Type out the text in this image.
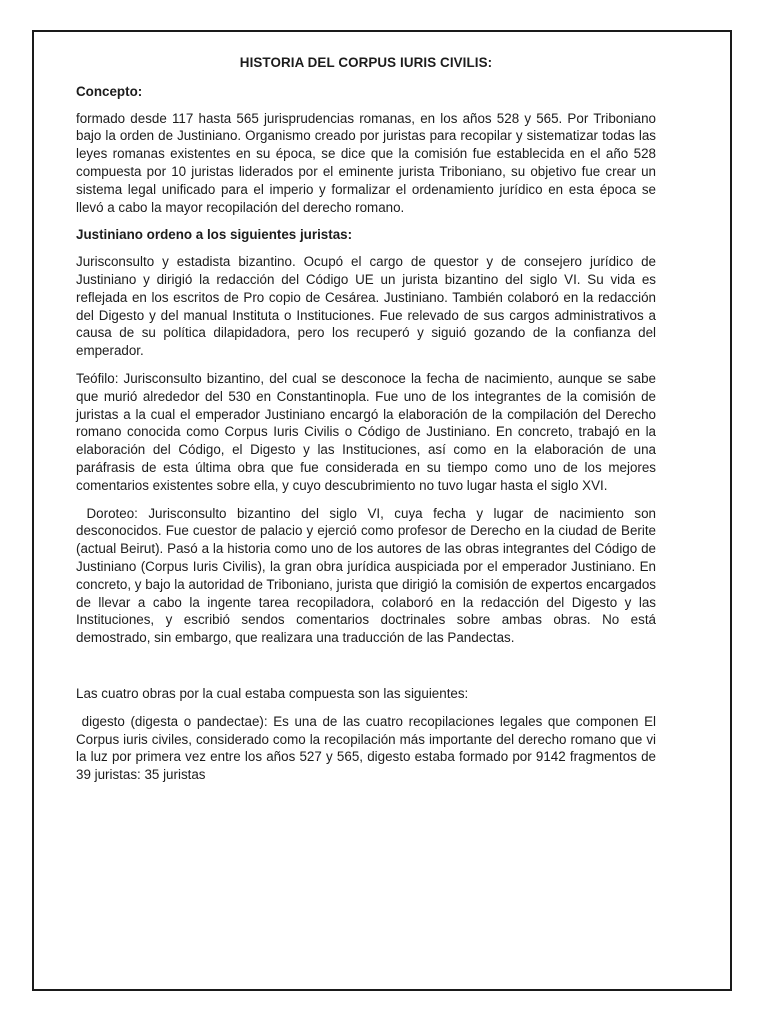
HISTORIA DEL CORPUS IURIS CIVILIS:
Concepto:
formado desde 117 hasta 565 jurisprudencias romanas, en los años 528 y 565. Por Triboniano bajo la orden de Justiniano. Organismo creado por juristas para recopilar y sistematizar todas las leyes romanas existentes en su época, se dice que la comisión fue establecida en el año 528 compuesta por 10 juristas liderados por el eminente jurista Triboniano, su objetivo fue crear un sistema legal unificado para el imperio y formalizar el ordenamiento jurídico en esta época se llevó a cabo la mayor recopilación del derecho romano.
Justiniano ordeno a los siguientes juristas:
Jurisconsulto y estadista bizantino. Ocupó el cargo de questor y de consejero jurídico de Justiniano y dirigió la redacción del Código UE un jurista bizantino del siglo VI. Su vida es reflejada en los escritos de Pro copio de Cesárea. Justiniano. También colaboró en la redacción del Digesto y del manual Instituta o Instituciones. Fue relevado de sus cargos administrativos a causa de su política dilapidadora, pero los recuperó y siguió gozando de la confianza del emperador.
Teófilo: Jurisconsulto bizantino, del cual se desconoce la fecha de nacimiento, aunque se sabe que murió alrededor del 530 en Constantinopla. Fue uno de los integrantes de la comisión de juristas a la cual el emperador Justiniano encargó la elaboración de la compilación del Derecho romano conocida como Corpus Iuris Civilis o Código de Justiniano. En concreto, trabajó en la elaboración del Código, el Digesto y las Instituciones, así como en la elaboración de una paráfrasis de esta última obra que fue considerada en su tiempo como uno de los mejores comentarios existentes sobre ella, y cuyo descubrimiento no tuvo lugar hasta el siglo XVI.
Doroteo: Jurisconsulto bizantino del siglo VI, cuya fecha y lugar de nacimiento son desconocidos. Fue cuestor de palacio y ejerció como profesor de Derecho en la ciudad de Berite (actual Beirut). Pasó a la historia como uno de los autores de las obras integrantes del Código de Justiniano (Corpus Iuris Civilis), la gran obra jurídica auspiciada por el emperador Justiniano. En concreto, y bajo la autoridad de Triboniano, jurista que dirigió la comisión de expertos encargados de llevar a cabo la ingente tarea recopiladora, colaboró en la redacción del Digesto y las Instituciones, y escribió sendos comentarios doctrinales sobre ambas obras. No está demostrado, sin embargo, que realizara una traducción de las Pandectas.
Las cuatro obras por la cual estaba compuesta son las siguientes:
digesto (digesta o pandectae): Es una de las cuatro recopilaciones legales que componen El Corpus iuris civiles, considerado como la recopilación más importante del derecho romano que vi la luz por primera vez entre los años 527 y 565, digesto estaba formado por 9142 fragmentos de 39 juristas: 35 juristas
